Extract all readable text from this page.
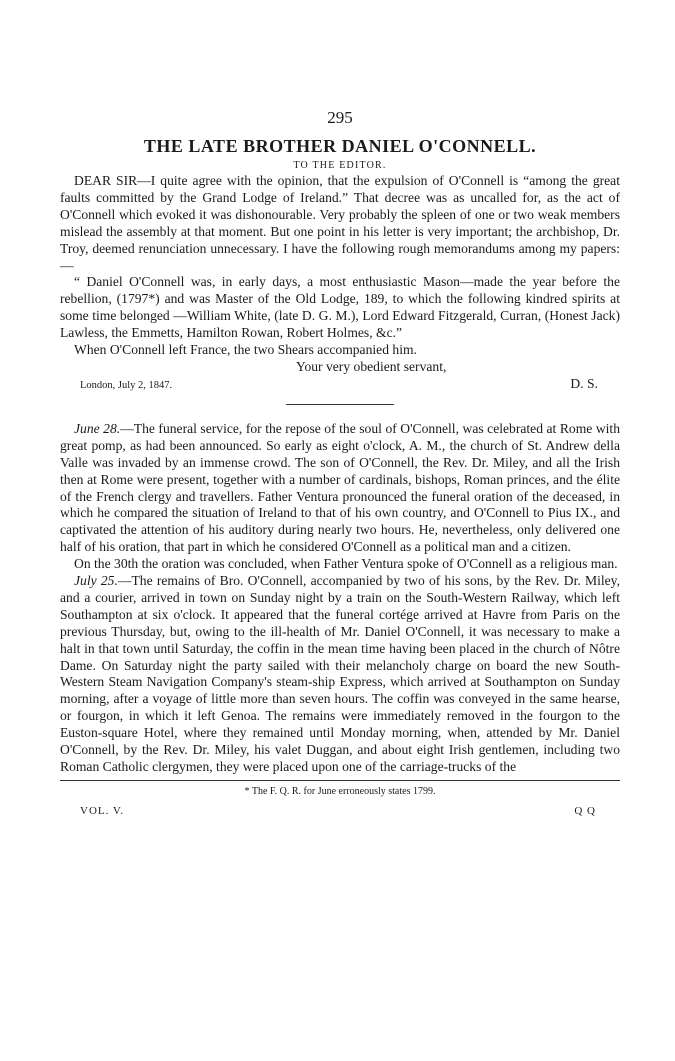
295
THE LATE BROTHER DANIEL O'CONNELL.
TO THE EDITOR.

DEAR SIR—I quite agree with the opinion, that the expulsion of O'Connell is “among the great faults committed by the Grand Lodge of Ireland.” That decree was as uncalled for, as the act of O'Connell which evoked it was dishonourable. Very probably the spleen of one or two weak members mislead the assembly at that moment. But one point in his letter is very important; the archbishop, Dr. Troy, deemed renunciation unnecessary. I have the following rough memorandums among my papers:—

“ Daniel O'Connell was, in early days, a most enthusiastic Mason—made the year before the rebellion, (1797*) and was Master of the Old Lodge, 189, to which the following kindred spirits at some time belonged —William White, (late D. G. M.), Lord Edward Fitzgerald, Curran, (Honest Jack) Lawless, the Emmetts, Hamilton Rowan, Robert Holmes, &c.”

When O'Connell left France, the two Shears accompanied him.

Your very obedient servant,
London, July 2, 1847.	D. S.

June 28.—The funeral service, for the repose of the soul of O'Connell, was celebrated at Rome with great pomp, as had been announced. So early as eight o'clock, A. M., the church of St. Andrew della Valle was invaded by an immense crowd. The son of O'Connell, the Rev. Dr. Miley, and all the Irish then at Rome were present, together with a number of cardinals, bishops, Roman princes, and the élite of the French clergy and travellers. Father Ventura pronounced the funeral oration of the deceased, in which he compared the situation of Ireland to that of his own country, and O'Connell to Pius IX., and captivated the attention of his auditory during nearly two hours. He, nevertheless, only delivered one half of his oration, that part in which he considered O'Connell as a political man and a citizen.

On the 30th the oration was concluded, when Father Ventura spoke of O'Connell as a religious man.

July 25.—The remains of Bro. O'Connell, accompanied by two of his sons, by the Rev. Dr. Miley, and a courier, arrived in town on Sunday night by a train on the South-Western Railway, which left Southampton at six o'clock. It appeared that the funeral cortége arrived at Havre from Paris on the previous Thursday, but, owing to the ill-health of Mr. Daniel O'Connell, it was necessary to make a halt in that town until Saturday, the coffin in the mean time having been placed in the church of Nôtre Dame. On Saturday night the party sailed with their melancholy charge on board the new South-Western Steam Navigation Company's steam-ship Express, which arrived at Southampton on Sunday morning, after a voyage of little more than seven hours. The coffin was conveyed in the same hearse, or fourgon, in which it left Genoa. The remains were immediately removed in the fourgon to the Euston-square Hotel, where they remained until Monday morning, when, attended by Mr. Daniel O'Connell, by the Rev. Dr. Miley, his valet Duggan, and about eight Irish gentlemen, including two Roman Catholic clergymen, they were placed upon one of the carriage-trucks of the

* The F. Q. R. for June erroneously states 1799.

VOL. V.	Q Q
